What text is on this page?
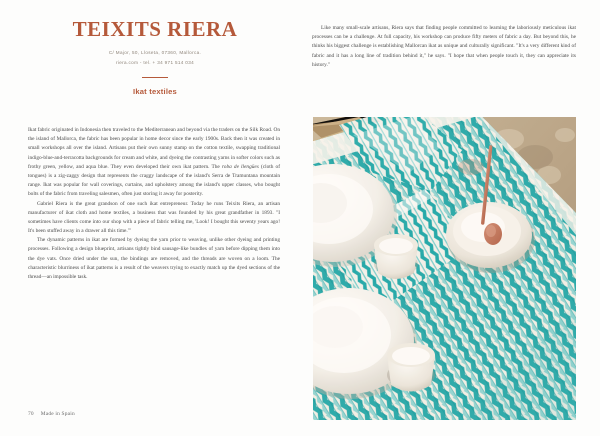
TEIXITS RIERA
C/ Major, 50, Lloseta, 07360, Mallorca.
riera.com - tel. + 34 971 514 034
Ikat textiles

Ikat fabric originated in Indonesia then traveled to the Mediterranean and beyond via the traders on the Silk Road. On the island of Mallorca, the fabric has been popular in home decor since the early 1900s. Back then it was created in small workshops all over the island. Artisans put their own sunny stamp on the cotton textile, swapping traditional indigo-blue-and-terracotta backgrounds for cream and white, and dyeing the contrasting yarns in softer colors such as frothy green, yellow, and aqua blue. They even developed their own ikat pattern. The roba de llengües (cloth of tongues) is a zig-zaggy design that represents the craggy landscape of the island's Serra de Tramuntana mountain range. Ikat was popular for wall coverings, curtains, and upholstery among the island's upper classes, who bought bolts of the fabric from traveling salesmen, often just storing it away for posterity.

Gabriel Riera is the great grandson of one such ikat entrepreneur. Today he runs Teixits Riera, an artisan manufacturer of ikat cloth and home textiles, a business that was founded by his great grandfather in 1893. "I sometimes have clients come into our shop with a piece of fabric telling me, 'Look! I bought this seventy years ago! It's been stuffed away in a drawer all this time.'"

The dynamic patterns in ikat are formed by dyeing the yarn prior to weaving, unlike other dyeing and printing processes. Following a design blueprint, artisans tightly bind sausage-like bundles of yarn before dipping them into the dye vats. Once dried under the sun, the bindings are removed, and the threads are woven on a loom. The characteristic blurriness of ikat patterns is a result of the weavers trying to exactly match up the dyed sections of the thread—an impossible task.

Like many small-scale artisans, Riera says that finding people committed to learning the laboriously meticulous ikat processes can be a challenge. At full capacity, his workshop can produce fifty meters of fabric a day. But beyond this, he thinks his biggest challenge is establishing Mallorcan ikat as unique and culturally significant. "It's a very different kind of fabric and it has a long line of tradition behind it," he says. "I hope that when people touch it, they can appreciate its history."

70 Made in Spain
